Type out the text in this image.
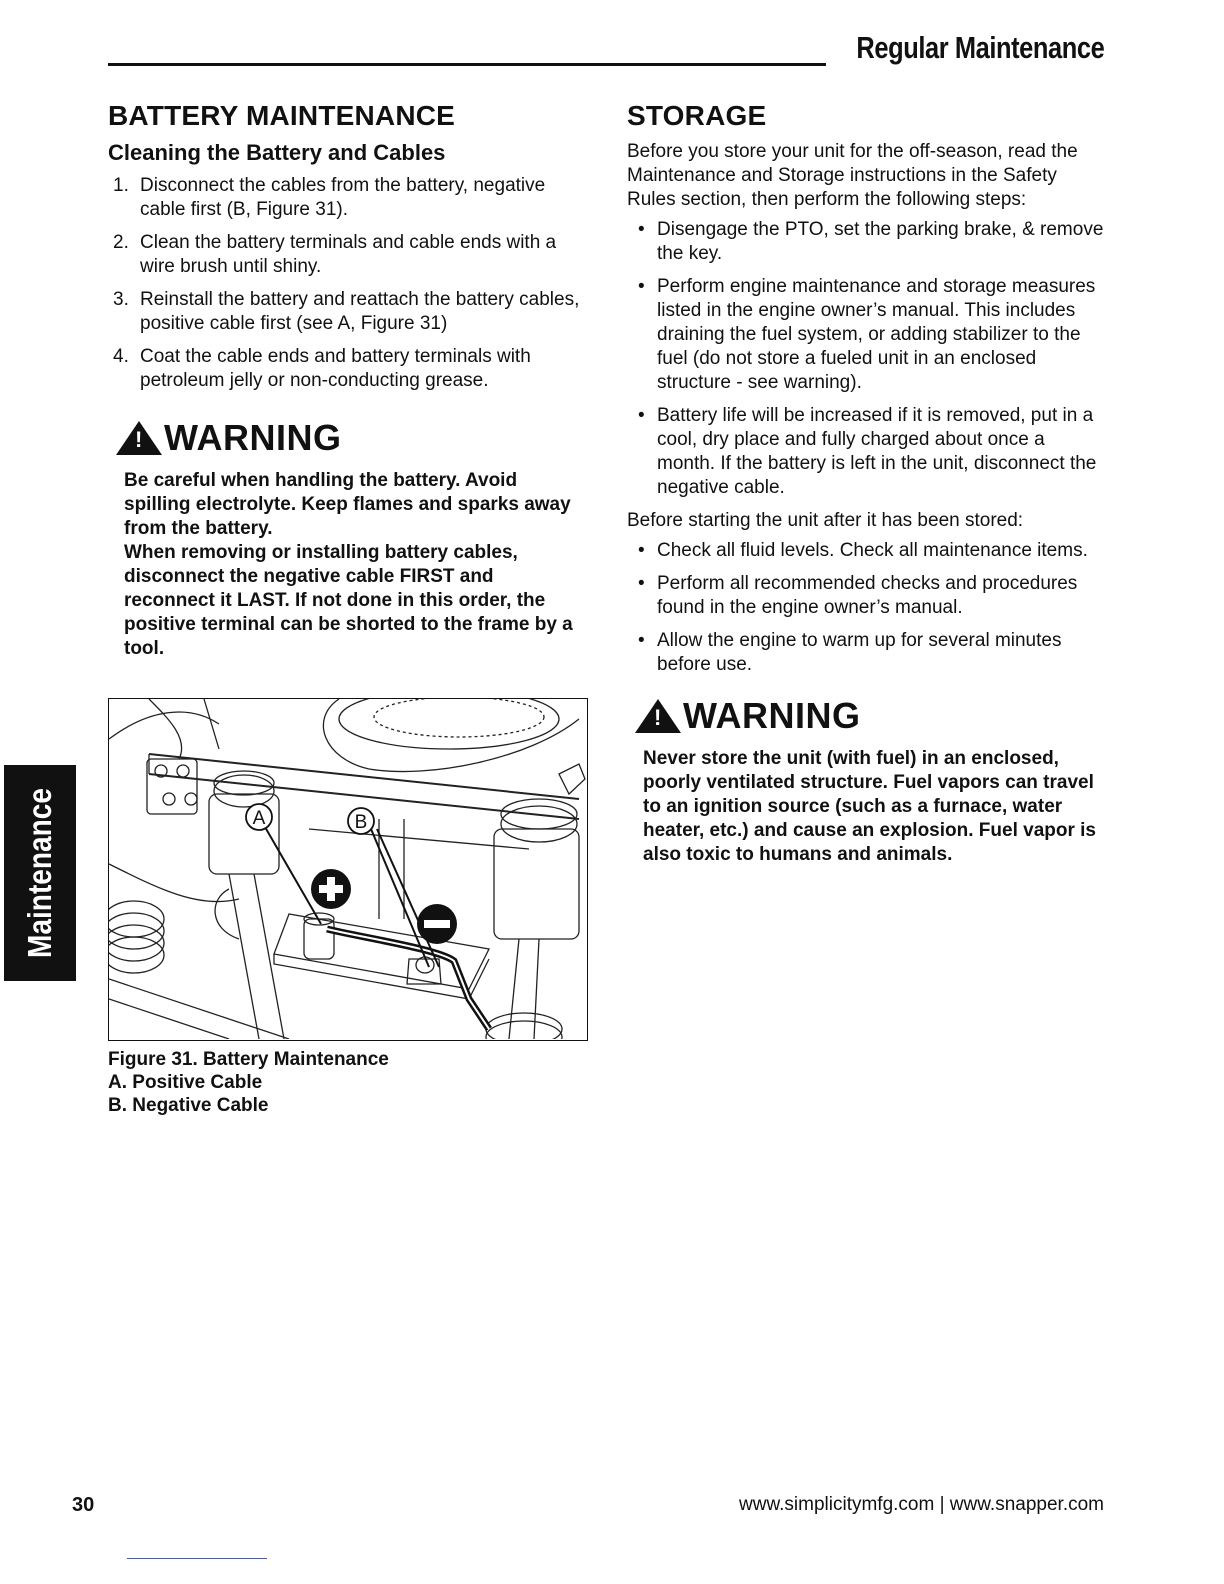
Regular Maintenance
Maintenance
BATTERY MAINTENANCE
Cleaning the Battery and Cables
1. Disconnect the cables from the battery, negative cable first (B, Figure 31).
2. Clean the battery terminals and cable ends with a wire brush until shiny.
3. Reinstall the battery and reattach the battery cables, positive cable first (see A, Figure 31)
4. Coat the cable ends and battery terminals with petroleum jelly or non-conducting grease.
! WARNING

Be careful when handling the battery. Avoid spilling electrolyte. Keep flames and sparks away from the battery.

When removing or installing battery cables, disconnect the negative cable FIRST and reconnect it LAST. If not done in this order, the positive terminal can be shorted to the frame by a tool.

A	B
Figure 31. Battery Maintenance
A. Positive Cable
B. Negative Cable
STORAGE

Before you store your unit for the off-season, read the Maintenance and Storage instructions in the Safety Rules section, then perform the following steps:

• Disengage the PTO, set the parking brake, & remove the key.
• Perform engine maintenance and storage measures listed in the engine owner’s manual. This includes draining the fuel system, or adding stabilizer to the fuel (do not store a fueled unit in an enclosed structure - see warning).
• Battery life will be increased if it is removed, put in a cool, dry place and fully charged about once a month. If the battery is left in the unit, disconnect the negative cable.

Before starting the unit after it has been stored:

• Check all fluid levels. Check all maintenance items.
• Perform all recommended checks and procedures found in the engine owner’s manual.
• Allow the engine to warm up for several minutes before use.
! WARNING

Never store the unit (with fuel) in an enclosed, poorly ventilated structure. Fuel vapors can travel to an ignition source (such as a furnace, water heater, etc.) and cause an explosion. Fuel vapor is also toxic to humans and animals.

30	www.simplicitymfg.com | www.snapper.com
